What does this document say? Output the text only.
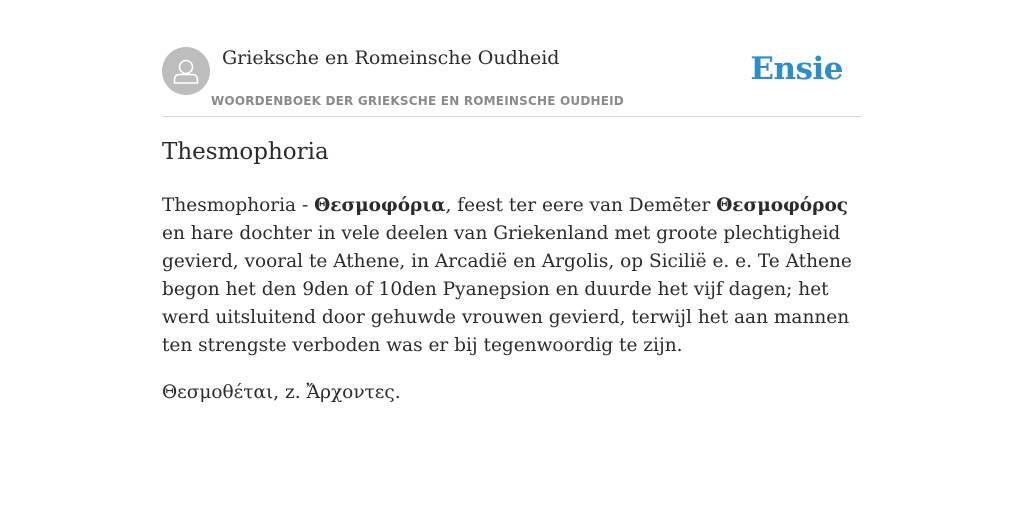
Grieksche en Romeinsche Oudheid
WOORDENBOEK DER GRIEKSCHE EN ROMEINSCHE OUDHEID
Ensie
Thesmophoria

Thesmophoria - Θεσμοφόρια, feest ter eere van Demēter Θεσμοφόρος en hare dochter in vele deelen van Griekenland met groote plechtigheid gevierd, vooral te Athene, in Arcadië en Argolis, op Sicilië e. e. Te Athene begon het den 9den of 10den Pyanepsion en duurde het vijf dagen; het werd uitsluitend door gehuwde vrouwen gevierd, terwijl het aan mannen ten strengste verboden was er bij tegenwoordig te zijn.

Θεσμοθέται, z. Ἄρχοντες.
